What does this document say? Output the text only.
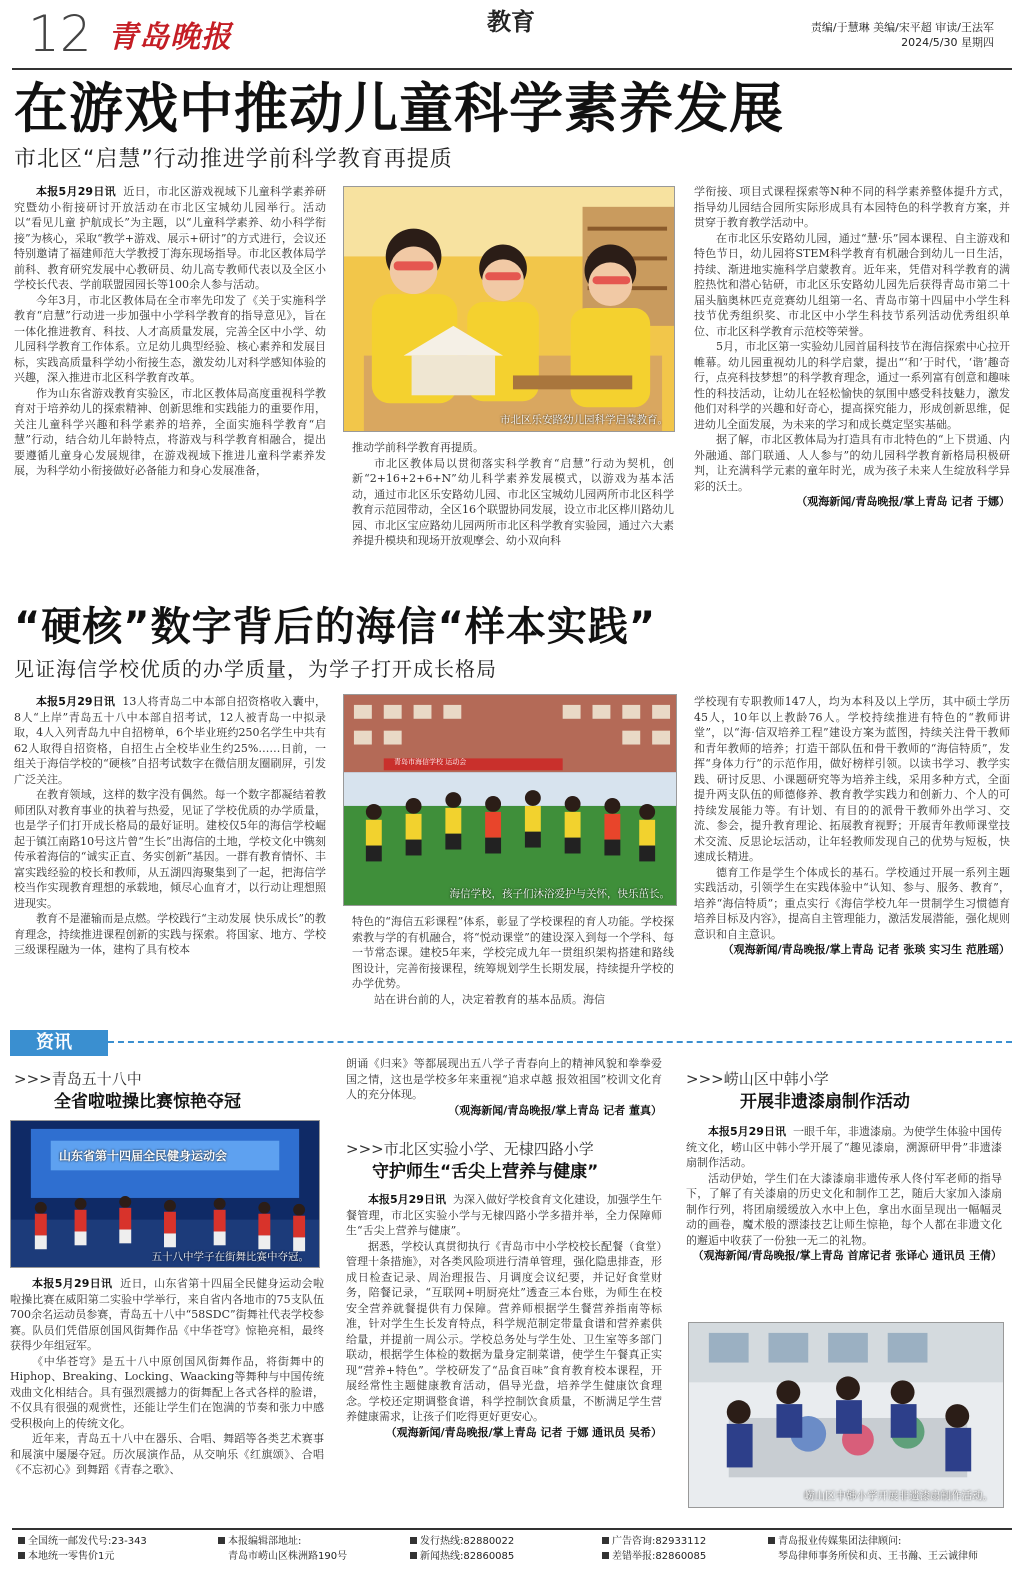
12 青岛晚报	教育	责编/于慧琳 美编/宋平超 审读/王法军
2024/5/30 星期四
在游戏中推动儿童科学素养发展
市北区“启慧”行动推进学前科学教育再提质

本报5月29日讯 近日，市北区游戏视域下儿童科学素养研究暨幼小衔接研讨开放活动在市北区宝城幼儿园举行。活动以“看见儿童 护航成长”为主题，以“儿童科学素养、幼小科学衔接”为核心，采取“教学+游戏、展示+研讨”的方式进行，会议还特别邀请了福建师范大学教授丁海东现场指导。市北区教体局学前科、教育研究发展中心教研员、幼儿高专教师代表以及全区小学校长代表、学前联盟园园长等100余人参与活动。

今年3月，市北区教体局在全市率先印发了《关于实施科学教育“启慧”行动进一步加强中小学科学教育的指导意见》，旨在一体化推进教育、科技、人才高质量发展，完善全区中小学、幼儿园科学教育工作体系。立足幼儿典型经验、核心素养和发展目标，实践高质量科学幼小衔接生态，激发幼儿对科学感知体验的兴趣，深入推进市北区科学教育改革。

作为山东省游戏教育实验区，市北区教体局高度重视科学教育对于培养幼儿的探索精神、创新思维和实践能力的重要作用，关注儿童科学兴趣和科学素养的培养，全面实施科学教育“启慧”行动，结合幼儿年龄特点，将游戏与科学教育相融合，提出要遵循儿童身心发展规律，在游戏视域下推进儿童科学素养发展，为科学幼小衔接做好必备能力和身心发展准备，

市北区乐安路幼儿园科学启蒙教育。

推动学前科学教育再提质。

市北区教体局以贯彻落实科学教育“启慧”行动为契机，创新“2+16+2+6+N”幼儿科学素养发展模式，以游戏为基本活动，通过市北区乐安路幼儿园、市北区宝城幼儿园两所市北区科学教育示范园带动，全区16个联盟协同发展，设立市北区桦川路幼儿园、市北区宝应路幼儿园两所市北区科学教育实验园，通过六大素养提升模块和现场开放观摩会、幼小双向科

学衔接、项目式课程探索等N种不同的科学素养整体提升方式，指导幼儿园结合园所实际形成具有本园特色的科学教育方案，并贯穿于教育教学活动中。

在市北区乐安路幼儿园，通过“慧·乐”园本课程、自主游戏和特色节日，幼儿园将STEM科学教育有机融合到幼儿一日生活，持续、渐进地实施科学启蒙教育。近年来，凭借对科学教育的满腔热忱和潜心钻研，市北区乐安路幼儿园先后获得青岛市第二十届头脑奥林匹克竞赛幼儿组第一名、青岛市第十四届中小学生科技节优秀组织奖、市北区中小学生科技节系列活动优秀组织单位、市北区科学教育示范校等荣誉。

5月，市北区第一实验幼儿园首届科技节在海信探索中心拉开帷幕。幼儿园重视幼儿的科学启蒙，提出“‘和’于时代，‘谐’趣奇行，点亮科技梦想”的科学教育理念，通过一系列富有创意和趣味性的科技活动，让幼儿在轻松愉快的氛围中感受科技魅力，激发他们对科学的兴趣和好奇心，提高探究能力，形成创新思维，促进幼儿全面发展，为未来的学习和成长奠定坚实基础。

据了解，市北区教体局为打造具有市北特色的“上下贯通、内外融通、部门联通、人人参与”的幼儿园科学教育新格局积极研判，让充满科学元素的童年时光，成为孩子未来人生绽放科学异彩的沃土。

（观海新闻/青岛晚报/掌上青岛 记者 于娜）

“硬核”数字背后的海信“样本实践”
见证海信学校优质的办学质量，为学子打开成长格局

本报5月29日讯 13人将青岛二中本部自招资格收入囊中，8人“上岸”青岛五十八中本部自招考试，12人被青岛一中拟录取，4人入列青岛九中自招榜单，6个毕业班约250名学生中共有62人取得自招资格，自招生占全校毕业生约25%……日前，一组关于海信学校的“硬核”自招考试数字在微信朋友圈刷屏，引发广泛关注。

在教育领域，这样的数字没有偶然。每一个数字都凝结着教师团队对教育事业的执着与热爱，见证了学校优质的办学质量，也是学子们打开成长格局的最好证明。建校仅5年的海信学校崛起于镇江南路10号这片曾“生长”出海信的土地，学校文化中镌刻传承着海信的“诚实正直、务实创新”基因。一群有教育情怀、丰富实践经验的校长和教师，从五湖四海聚集到了一起，把海信学校当作实现教育理想的承载地，倾尽心血育才，以行动让理想照进现实。

教育不是灌输而是点燃。学校践行“主动发展 快乐成长”的教育理念，持续推进课程创新的实践与探索。将国家、地方、学校三级课程融为一体，建构了具有校本

青岛市海信学校 运动会
海信学校，孩子们沐浴爱护与关怀，快乐茁长。

特色的“海信五彩课程”体系，彰显了学校课程的育人功能。学校探索教与学的有机融合，将“悦动课堂”的建设深入到每一个学科、每一节常态课。建校5年来，学校完成九年一贯组织架构搭建和路线图设计，完善衔接课程，统筹规划学生长期发展，持续提升学校的办学优势。

站在讲台前的人，决定着教育的基本品质。海信

学校现有专职教师147人，均为本科及以上学历，其中硕士学历45人，10年以上教龄76人。学校持续推进有特色的“教师讲堂”，以“海·信双培养工程”建设方案为蓝图，持续关注骨干教师和青年教师的培养；打造干部队伍和骨干教师的“海信特质”，发挥“身体力行”的示范作用，做好榜样引领。以读书学习、教学实践、研讨反思、小课题研究等为培养主线，采用多种方式，全面提升两支队伍的师德修养、教育教学实践力和创新力、个人的可持续发展能力等。有计划、有目的的派骨干教师外出学习、交流、参会，提升教育理论、拓展教育视野；开展青年教师课堂技术交流、反思论坛活动，让年轻教师发现自己的优势与短板，快速成长精进。

德育工作是学生个体成长的基石。学校通过开展一系列主题实践活动，引领学生在实践体验中“认知、参与、服务、教育”，培养“海信特质”；重点实行《海信学校九年一贯制学生习惯德育培养目标及内容》，提高自主管理能力，激活发展潜能，强化规则意识和自主意识。

（观海新闻/青岛晚报/掌上青岛 记者 张琰 实习生 范胜瑶）

资讯
>>>青岛五十八中
全省啦啦操比赛惊艳夺冠
山东省第十四届全民健身运动会
五十八中学子在街舞比赛中夺冠。

本报5月29日讯 近日，山东省第十四届全民健身运动会啦啦操比赛在威阳第二实验中学举行，来自省内各地市的75支队伍700余名运动员参赛，青岛五十八中“58SDC”街舞社代表学校参赛。队员们凭借原创国风街舞作品《中华苍穹》惊艳亮相，最终获得少年组冠军。

《中华苍穹》是五十八中原创国风街舞作品，将街舞中的Hiphop、Breaking、Locking、Waacking等舞种与中国传统戏曲文化相结合。具有强烈震撼力的街舞配上各式各样的脸谱，不仅具有很强的观赏性，还能让学生们在饱满的节奏和张力中感受积极向上的传统文化。

近年来，青岛五十八中在器乐、合唱、舞蹈等各类艺术赛事和展演中屡屡夺冠。历次展演作品，从交响乐《红旗颂》、合唱《不忘初心》到舞蹈《青春之歌》、

朗诵《归来》等都展现出五八学子青春向上的精神风貌和拳拳爱国之情，这也是学校多年来重视“追求卓越 报效祖国”校训文化育人的充分体现。

（观海新闻/青岛晚报/掌上青岛 记者 董真）

>>>市北区实验小学、无棣四路小学
守护师生“舌尖上营养与健康”

本报5月29日讯 为深入做好学校食育文化建设，加强学生午餐管理，市北区实验小学与无棣四路小学多措并举，全力保障师生“舌尖上营养与健康”。

据悉，学校认真贯彻执行《青岛市中小学校校长配餐（食堂）管理十条措施》，对各类风险项进行清单管理，强化隐患排查，形成日检查记录、周治理报告、月调度会议纪要，并记好食堂财务，陪餐记录，“互联网+明厨亮灶”透查三本台账，为师生在校安全营养就餐提供有力保障。营养师根据学生餐营养指南等标准，针对学生生长发育特点，科学规范制定带量食谱和营养素供给量，并提前一周公示。学校总务处与学生处、卫生室等多部门联动，根据学生体检的数据为量身定制菜谱，使学生午餐真正实现“营养+特色”。学校研发了“品食百味”食育教育校本课程，开展经常性主题健康教育活动，倡导光盘，培养学生健康饮食理念。学校还定期调整食谱，科学控制饮食质量，不断满足学生营养健康需求，让孩子们吃得更好更安心。

（观海新闻/青岛晚报/掌上青岛 记者 于娜 通讯员 吴希）

>>>崂山区中韩小学
开展非遗漆扇制作活动

本报5月29日讯 一眼千年，非遗漆扇。为使学生体验中国传统文化，崂山区中韩小学开展了“趣见漆扇，溯源研甲骨”非遗漆扇制作活动。

活动伊始，学生们在大漆漆扇非遗传承人佟付军老师的指导下，了解了有关漆扇的历史文化和制作工艺，随后大家加入漆扇制作行列，将团扇缓缓放入水中上色，拿出水面呈现出一幅幅灵动的画卷，魔术般的漂漆技艺让师生惊艳，每个人都在非遗文化的邂逅中收获了一份独一无二的礼物。

（观海新闻/青岛晚报/掌上青岛 首席记者 张译心 通讯员 王倩）

崂山区中韩小学开展非遗漆扇制作活动。
全国统一邮发代号:23-343
本地统一零售价1元
本报编辑部地址:
青岛市崂山区株洲路190号
发行热线:82880022
新闻热线:82860085
广告咨询:82933112
差错举报:82860085
青岛报业传媒集团法律顾问:
琴岛律师事务所侯和贞、王书瀚、王云诚律师
